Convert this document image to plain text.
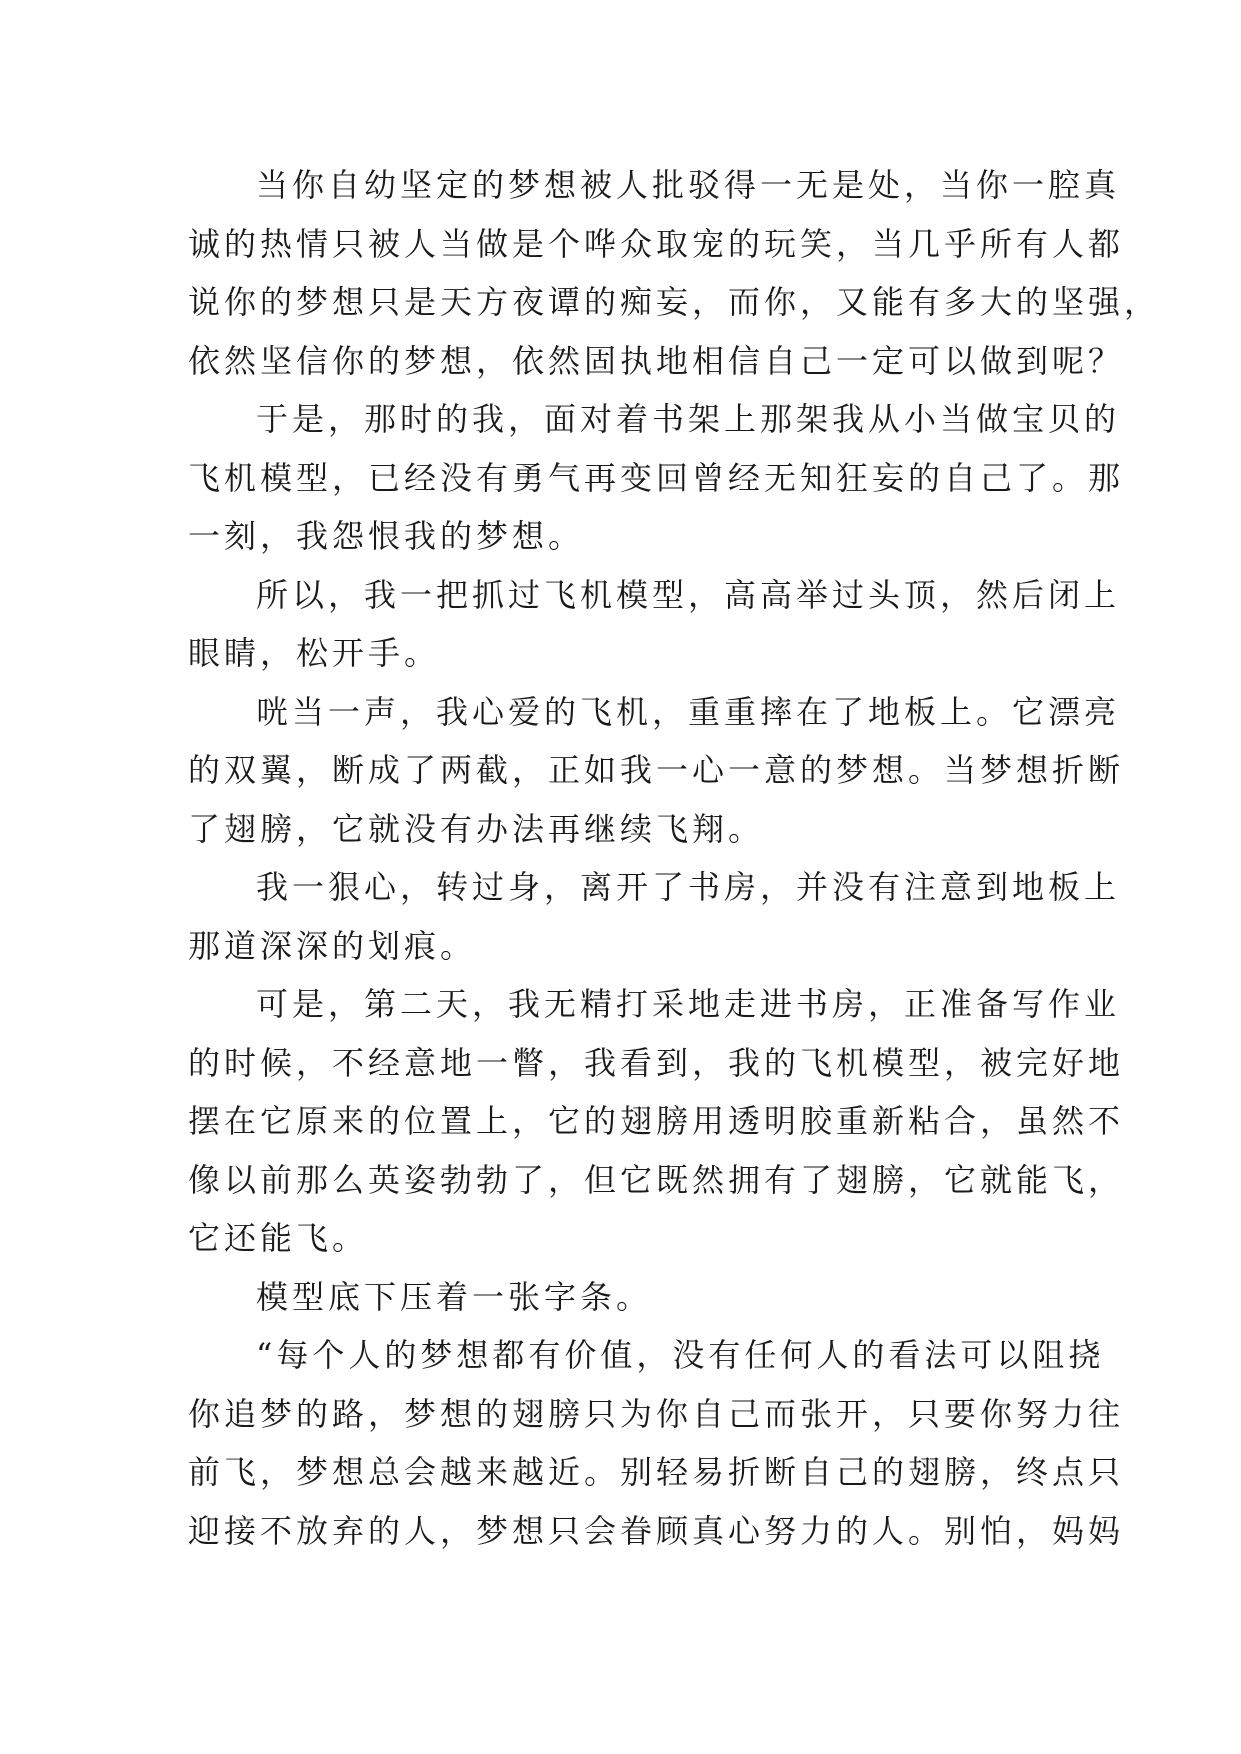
当你自幼坚定的梦想被人批驳得一无是处，当你一腔真
诚的热情只被人当做是个哗众取宠的玩笑，当几乎所有人都
说你的梦想只是天方夜谭的痴妄，而你，又能有多大的坚强，
依然坚信你的梦想，依然固执地相信自己一定可以做到呢？
于是，那时的我，面对着书架上那架我从小当做宝贝的
飞机模型，已经没有勇气再变回曾经无知狂妄的自己了。那
一刻，我怨恨我的梦想。
所以，我一把抓过飞机模型，高高举过头顶，然后闭上
眼睛，松开手。
咣当一声，我心爱的飞机，重重摔在了地板上。它漂亮
的双翼，断成了两截，正如我一心一意的梦想。当梦想折断
了翅膀，它就没有办法再继续飞翔。
我一狠心，转过身，离开了书房，并没有注意到地板上
那道深深的划痕。
可是，第二天，我无精打采地走进书房，正准备写作业
的时候，不经意地一瞥，我看到，我的飞机模型，被完好地
摆在它原来的位置上，它的翅膀用透明胶重新粘合，虽然不
像以前那么英姿勃勃了，但它既然拥有了翅膀，它就能飞，
它还能飞。
模型底下压着一张字条。
“每个人的梦想都有价值，没有任何人的看法可以阻挠
你追梦的路，梦想的翅膀只为你自己而张开，只要你努力往
前飞，梦想总会越来越近。别轻易折断自己的翅膀，终点只
迎接不放弃的人，梦想只会眷顾真心努力的人。别怕，妈妈
